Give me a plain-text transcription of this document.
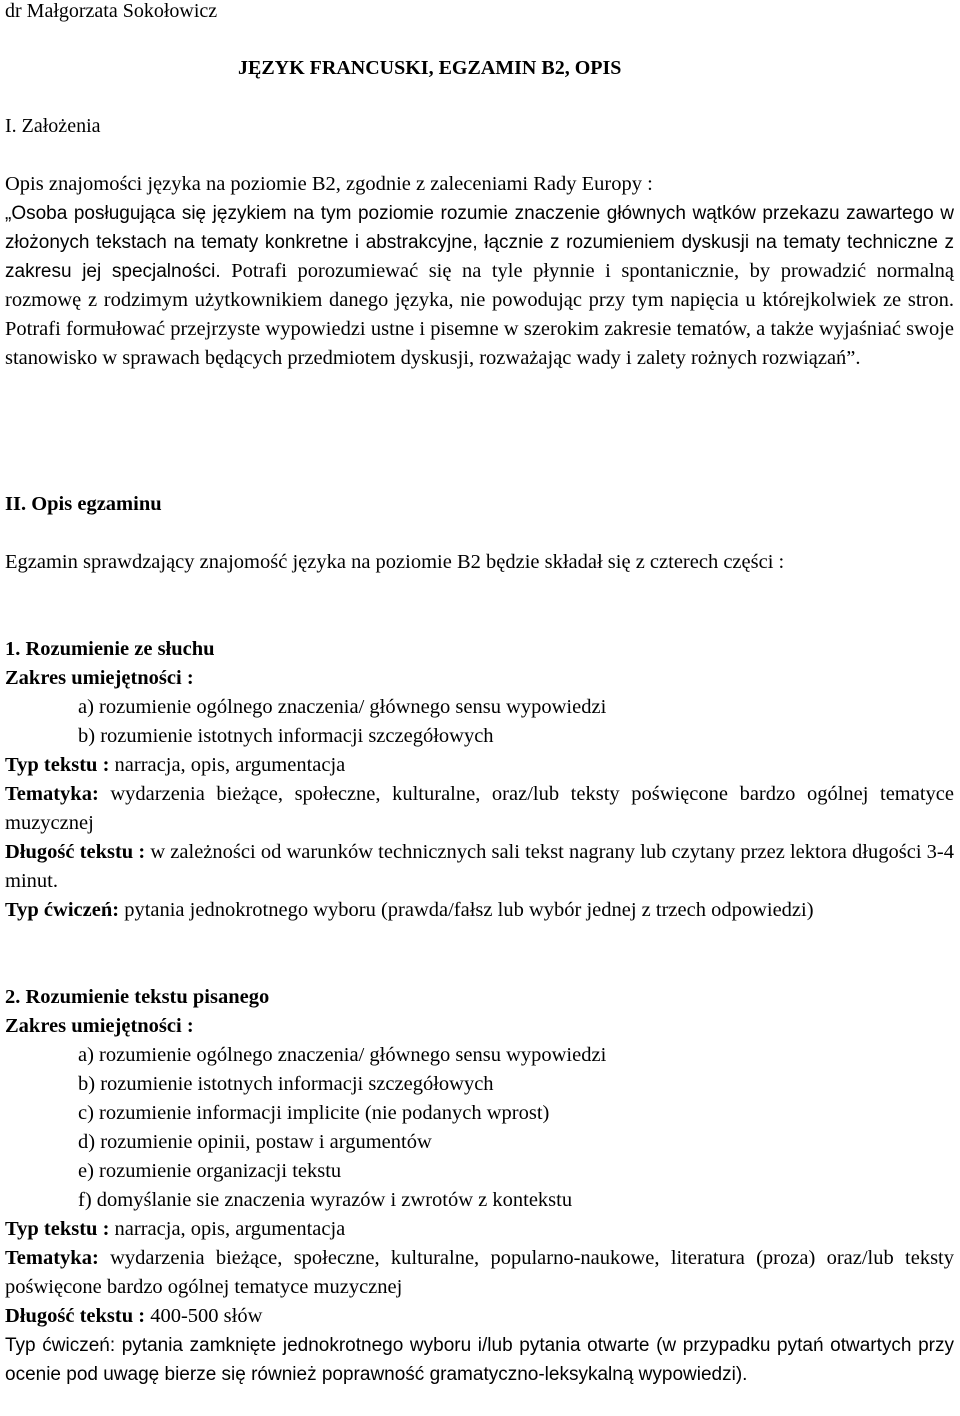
dr Małgorzata Sokołowicz

JĘZYK FRANCUSKI, EGZAMIN B2, OPIS

I. Założenia

Opis znajomości języka na poziomie B2, zgodnie z zaleceniami Rady Europy :

„Osoba posługująca się językiem na tym poziomie rozumie znaczenie głównych wątków przekazu zawartego w złożonych tekstach na tematy konkretne i abstrakcyjne, łącznie z rozumieniem dyskusji na tematy techniczne z zakresu jej specjalności. Potrafi porozumiewać się na tyle płynnie i spontanicznie, by prowadzić normalną rozmowę z rodzimym użytkownikiem danego języka, nie powodując przy tym napięcia u którejkolwiek ze stron. Potrafi formułować przejrzyste wypowiedzi ustne i pisemne w szerokim zakresie tematów, a także wyjaśniać swoje stanowisko w sprawach będących przedmiotem dyskusji, rozważając wady i zalety rożnych rozwiązań”.

II. Opis egzaminu

Egzamin sprawdzający znajomość języka na poziomie B2 będzie składał się z czterech części :

1. Rozumienie ze słuchu

Zakres umiejętności :

a) rozumienie ogólnego znaczenia/ głównego sensu wypowiedzi
b) rozumienie istotnych informacji szczegółowych

Typ tekstu : narracja, opis, argumentacja

Tematyka: wydarzenia bieżące, społeczne, kulturalne, oraz/lub teksty poświęcone bardzo ogólnej tematyce muzycznej

Długość tekstu : w zależności od warunków technicznych sali tekst nagrany lub czytany przez lektora długości 3-4 minut.

Typ ćwiczeń: pytania jednokrotnego wyboru (prawda/fałsz lub wybór jednej z trzech odpowiedzi)

2. Rozumienie tekstu pisanego

Zakres umiejętności :

a) rozumienie ogólnego znaczenia/ głównego sensu wypowiedzi
b) rozumienie istotnych informacji szczegółowych
c) rozumienie informacji implicite (nie podanych wprost)
d) rozumienie opinii, postaw i argumentów
e) rozumienie organizacji tekstu
f) domyślanie sie znaczenia wyrazów i zwrotów z kontekstu

Typ tekstu : narracja, opis, argumentacja

Tematyka: wydarzenia bieżące, społeczne, kulturalne, popularno-naukowe, literatura (proza) oraz/lub teksty poświęcone bardzo ogólnej tematyce muzycznej

Długość tekstu : 400-500 słów

Typ ćwiczeń: pytania zamknięte jednokrotnego wyboru i/lub pytania otwarte (w przypadku pytań otwartych przy ocenie pod uwagę bierze się również poprawność gramatyczno-leksykalną wypowiedzi).
